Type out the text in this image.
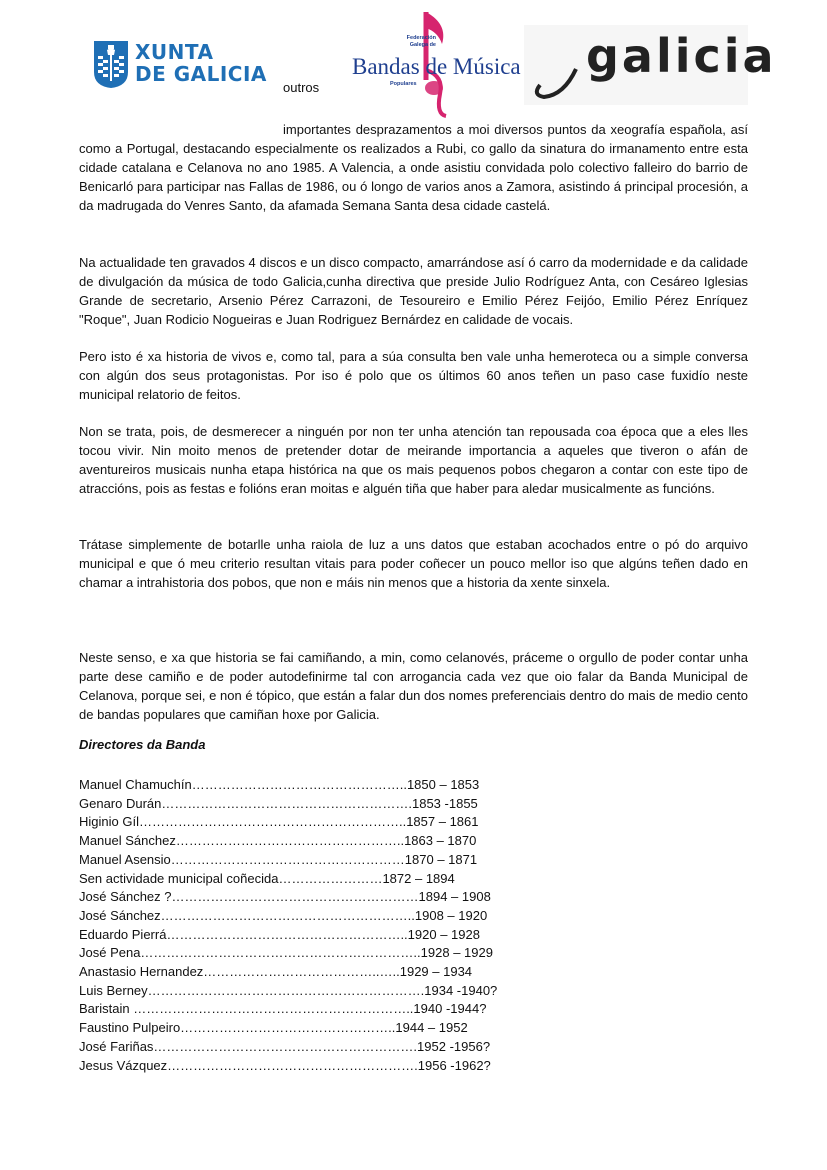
XUNTA
DE GALICIA
outros
Federación Galega de
Bandas de Música
Populares
galicia

importantes desprazamentos a moi diversos puntos da xeografía española, así como a Portugal, destacando especialmente os realizados a Rubi, co gallo da sinatura do irmanamento entre esta cidade catalana e Celanova no ano 1985. A Valencia, a onde asistiu convidada polo colectivo falleiro do barrio de Benicarló para participar nas Fallas de 1986, ou ó longo de varios anos a Zamora, asistindo á principal procesión, a da madrugada do Venres Santo, da afamada Semana Santa desa cidade castelá.

Na actualidade ten gravados 4 discos e un disco compacto, amarrándose así ó carro da modernidade e da calidade de divulgación da música de todo Galicia,cunha directiva que preside Julio Rodríguez Anta, con Cesáreo Iglesias Grande de secretario, Arsenio Pérez Carrazoni, de Tesoureiro e Emilio Pérez Feijóo, Emilio Pérez Enríquez "Roque", Juan Rodicio Nogueiras e Juan Rodriguez Bernárdez en calidade de vocais.

Pero isto é xa historia de vivos e, como tal, para a súa consulta ben vale unha hemeroteca ou a simple conversa con algún dos seus protagonistas. Por iso é polo que os últimos 60 anos teñen un paso case fuxidío neste municipal relatorio de feitos.

Non se trata, pois, de desmerecer a ninguén por non ter unha atención tan repousada coa época que a eles lles tocou vivir. Nin moito menos de pretender dotar de meirande importancia a aqueles que tiveron o afán de aventureiros musicais nunha etapa histórica na que os mais pequenos pobos chegaron a contar con este tipo de atraccións, pois as festas e folións eran moitas e alguén tiña que haber para aledar musicalmente as funcións.

Trátase simplemente de botarlle unha raiola de luz a uns datos que estaban acochados entre o pó do arquivo municipal e que ó meu criterio resultan vitais para poder coñecer un pouco mellor iso que algúns teñen dado en chamar a intrahistoria dos pobos, que non e máis nin menos que a historia da xente sinxela.

Neste senso, e xa que historia se fai camiñando, a min, como celanovés, práceme o orgullo de poder contar unha parte dese camiño e de poder autodefinirme tal con arrogancia cada vez que oio falar da Banda Municipal de Celanova, porque sei, e non é tópico, que están a falar dun dos nomes preferenciais dentro do mais de medio cento de bandas populares que camiñan hoxe por Galicia.

Directores da Banda
Manuel Chamuchín…………………………………………..1850 – 1853
Genaro Durán………………………………………………….1853 -1855
Higinio Gíl……………………………………………………..1857 – 1861
Manuel Sánchez……………………………………………..1863 – 1870
Manuel Asensio………………………………………………1870 – 1871
Sen actividade municipal coñecida……………………1872 – 1894
José Sánchez ?…………………………………………………1894 – 1908
José Sánchez…………………………………………………..1908 – 1920
Eduardo Pierrá………………………………………………..1920 – 1928
José Pena………………………………………………………..1928 – 1929
Anastasio Hernandez…………………………………..…..1929 – 1934
Luis Berney……………………………………………………….1934 -1940?
Baristain ………………………………………………………..1940 -1944?
Faustino Pulpeiro…………………………………………..1944 – 1952
José Fariñas…………………………………………………….1952 -1956?
Jesus Vázquez………………………………………………….1956 -1962?
